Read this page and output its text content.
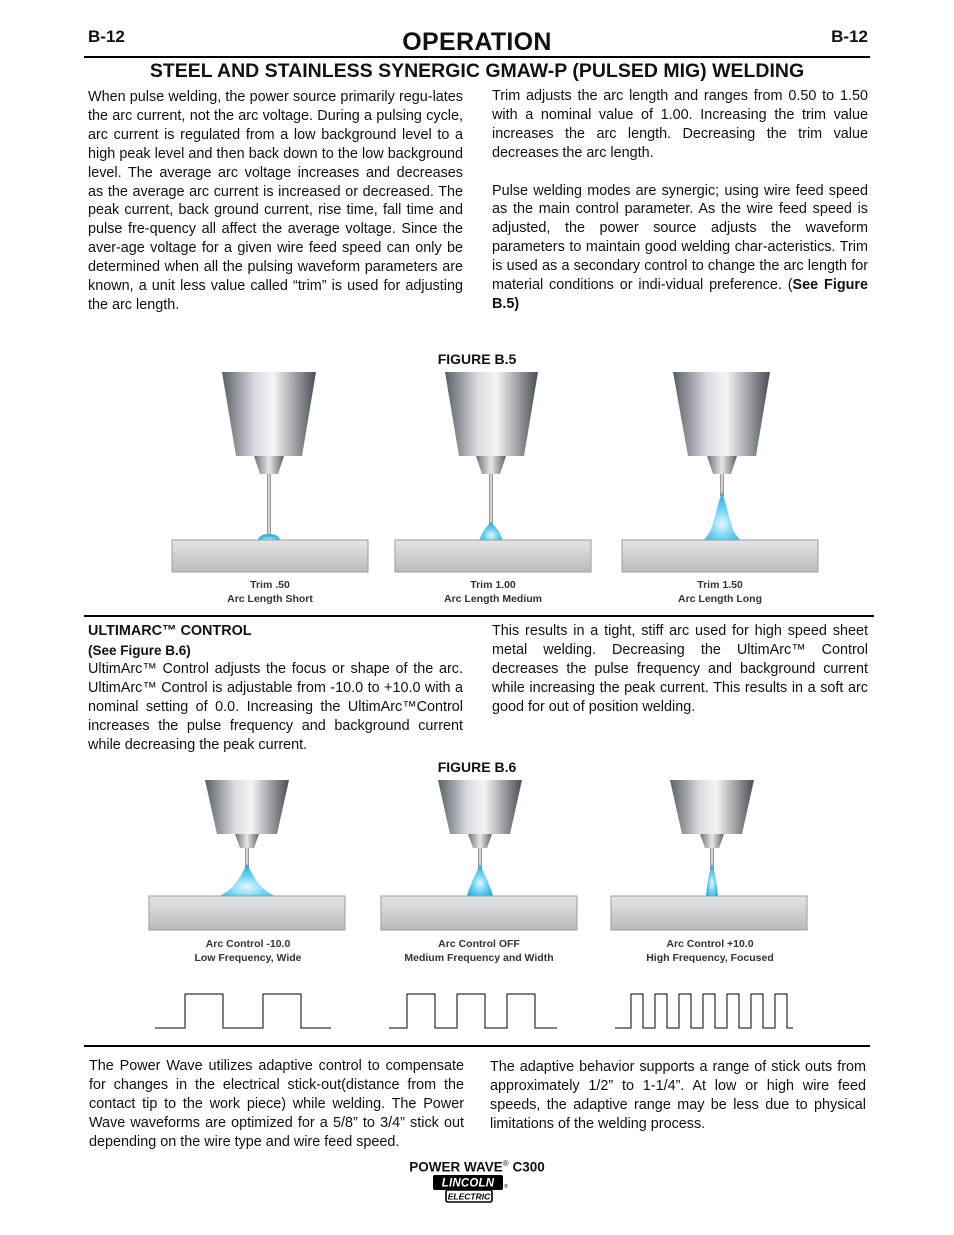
B-12	B-12
OPERATION
STEEL AND STAINLESS SYNERGIC GMAW-P (PULSED MIG) WELDING

When pulse welding, the power source primarily regu-lates the arc current, not the arc voltage. During a pulsing cycle, arc current is regulated from a low background level to a high peak level and then back down to the low background level. The average arc voltage increases and decreases as the average arc current is increased or decreased. The peak current, back ground current, rise time, fall time and pulse fre-quency all affect the average voltage. Since the aver-age voltage for a given wire feed speed can only be determined when all the pulsing waveform parameters are known, a unit less value called “trim” is used for adjusting the arc length.

Trim adjusts the arc length and ranges from 0.50 to 1.50 with a nominal value of 1.00. Increasing the trim value increases the arc length. Decreasing the trim value decreases the arc length.

Pulse welding modes are synergic; using wire feed speed as the main control parameter. As the wire feed speed is adjusted, the power source adjusts the waveform parameters to maintain good welding char-acteristics. Trim is used as a secondary control to change the arc length for material conditions or indi-vidual preference. (See Figure B.5)

FIGURE B.5
Trim .50
Arc Length Short
Trim 1.00
Arc Length Medium
Trim 1.50
Arc Length Long
ULTIMARC™ CONTROL
(See Figure B.6)
UltimArc™ Control adjusts the focus or shape of the arc. UltimArc™ Control is adjustable from -10.0 to +10.0 with a nominal setting of 0.0. Increasing the UltimArc™Control increases the pulse frequency and background current while decreasing the peak current.
This results in a tight, stiff arc used for high speed sheet metal welding. Decreasing the UltimArc™ Control decreases the pulse frequency and background current while increasing the peak current. This results in a soft arc good for out of position welding.
FIGURE B.6
Arc Control -10.0
Low Frequency, Wide
Arc Control OFF
Medium Frequency and Width
Arc Control +10.0
High Frequency, Focused
The Power Wave utilizes adaptive control to compensate for changes in the electrical stick-out(distance from the contact tip to the work piece) while welding. The Power Wave waveforms are optimized for a 5/8” to 3/4” stick out depending on the wire type and wire feed speed.
The adaptive behavior supports a range of stick outs from approximately 1/2” to 1-1/4”. At low or high wire feed speeds, the adaptive range may be less due to physical limitations of the welding process.
POWER WAVE® C300
LINCOLN
ELECTRIC
®
